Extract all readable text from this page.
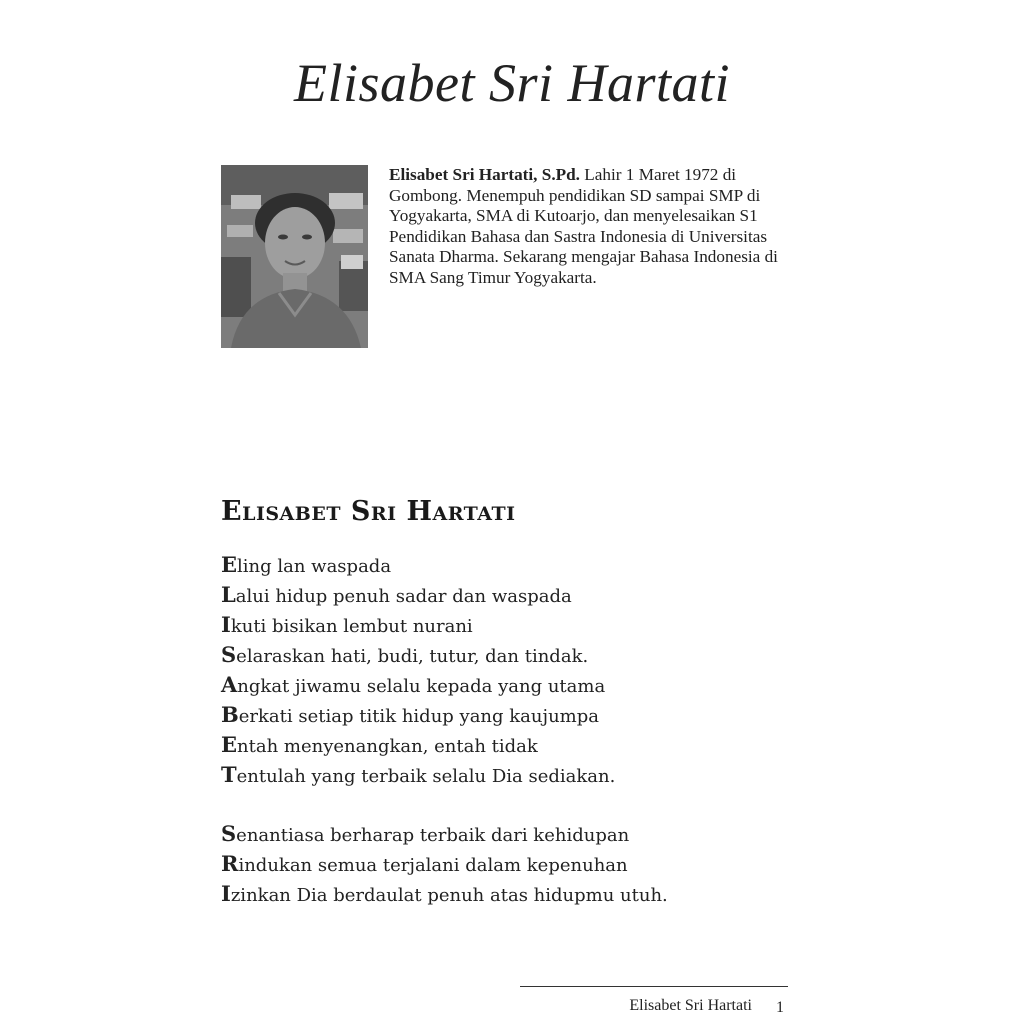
Elisabet Sri Hartati
Elisabet Sri Hartati, S.Pd. Lahir 1 Maret 1972 di Gombong. Menempuh pendidikan SD sampai SMP di Yogyakarta, SMA di Kutoarjo, dan menyelesaikan S1 Pendidikan Bahasa dan Sastra Indonesia di Universitas Sanata Dharma. Sekarang mengajar Bahasa Indonesia di SMA Sang Timur Yogyakarta.
Elisabet Sri Hartati
Eling lan waspada
Lalui hidup penuh sadar dan waspada
Ikuti bisikan lembut nurani
Selaraskan hati, budi, tutur, dan tindak.
Angkat jiwamu selalu kepada yang utama
Berkati setiap titik hidup yang kaujumpa
Entah menyenangkan, entah tidak
Tentulah yang terbaik selalu Dia sediakan.
Senantiasa berharap terbaik dari kehidupan
Rindukan semua terjalani dalam kepenuhan
Izinkan Dia berdaulat penuh atas hidupmu utuh.
Elisabet Sri Hartati 1
